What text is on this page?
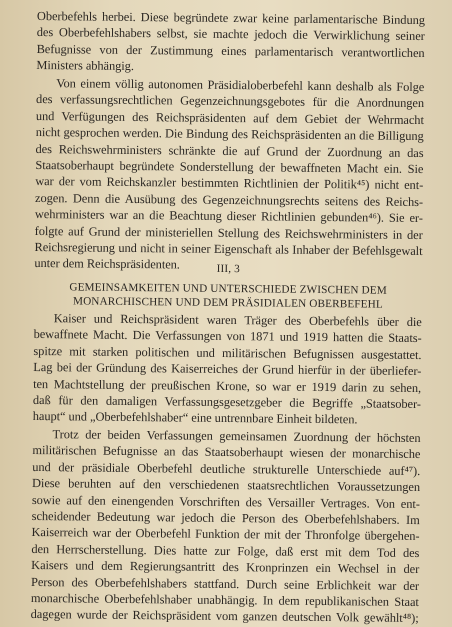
Oberbefehls herbei. Diese begründete zwar keine parlamentarische Bindung
des Oberbefehlshabers selbst, sie machte jedoch die Verwirklichung seiner
Befugnisse von der Zustimmung eines parlamentarisch verantwortlichen
Ministers abhängig.
Von einem völlig autonomen Präsidialoberbefehl kann deshalb als Folge
des verfassungsrechtlichen Gegenzeichnungsgebotes für die Anordnungen
und Verfügungen des Reichspräsidenten auf dem Gebiet der Wehrmacht
nicht gesprochen werden. Die Bindung des Reichspräsidenten an die Billigung
des Reichswehrministers schränkte die auf Grund der Zuordnung an das
Staatsoberhaupt begründete Sonderstellung der bewaffneten Macht ein. Sie
war der vom Reichskanzler bestimmten Richtlinien der Politik⁴⁵) nicht ent-
zogen. Denn die Ausübung des Gegenzeichnungsrechts seitens des Reichs-
wehrministers war an die Beachtung dieser Richtlinien gebunden⁴⁶). Sie er-
folgte auf Grund der ministeriellen Stellung des Reichswehrministers in der
Reichsregierung und nicht in seiner Eigenschaft als Inhaber der Befehlsgewalt
unter dem Reichspräsidenten.	III, 3
GEMEINSAMKEITEN UND UNTERSCHIEDE ZWISCHEN DEM
MONARCHISCHEN UND DEM PRÄSIDIALEN OBERBEFEHL
Kaiser und Reichspräsident waren Träger des Oberbefehls über die
bewaffnete Macht. Die Verfassungen von 1871 und 1919 hatten die Staats-
spitze mit starken politischen und militärischen Befugnissen ausgestattet.
Lag bei der Gründung des Kaiserreiches der Grund hierfür in der überliefer-
ten Machtstellung der preußischen Krone, so war er 1919 darin zu sehen,
daß für den damaligen Verfassungsgesetzgeber die Begriffe „Staatsober-
haupt“ und „Oberbefehlshaber“ eine untrennbare Einheit bildeten.
Trotz der beiden Verfassungen gemeinsamen Zuordnung der höchsten
militärischen Befugnisse an das Staatsoberhaupt wiesen der monarchische
und der präsidiale Oberbefehl deutliche strukturelle Unterschiede auf⁴⁷).
Diese beruhten auf den verschiedenen staatsrechtlichen Voraussetzungen
sowie auf den einengenden Vorschriften des Versailler Vertrages. Von ent-
scheidender Bedeutung war jedoch die Person des Oberbefehlshabers. Im
Kaiserreich war der Oberbefehl Funktion der mit der Thronfolge übergehen-
den Herrscherstellung. Dies hatte zur Folge, daß erst mit dem Tod des
Kaisers und dem Regierungsantritt des Kronprinzen ein Wechsel in der
Person des Oberbefehlshabers stattfand. Durch seine Erblichkeit war der
monarchische Oberbefehlshaber unabhängig. In dem republikanischen Staat
dagegen wurde der Reichspräsident vom ganzen deutschen Volk gewählt⁴⁸);
